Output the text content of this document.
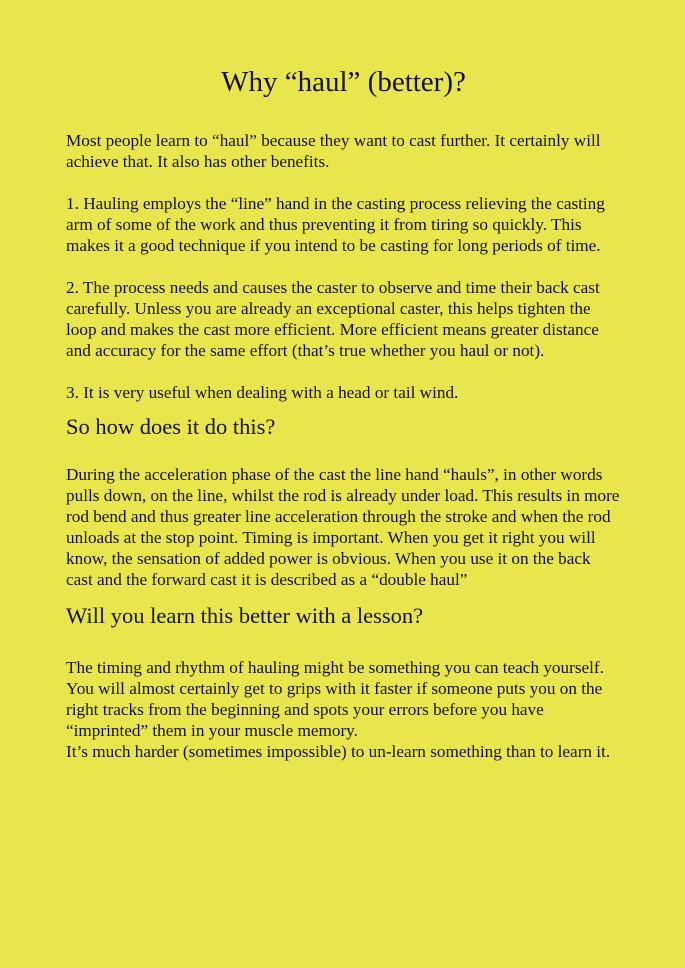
Why “haul” (better)?

Most people learn to “haul” because they want to cast further. It certainly will achieve that. It also has other benefits.

1. Hauling employs the “line” hand in the casting process relieving the casting arm of some of the work and thus preventing it from tiring so quickly. This makes it a good technique if you intend to be casting for long periods of time.

2. The process needs and causes the caster to observe and time their back cast carefully. Unless you are already an exceptional caster, this helps tighten the loop and makes the cast more efficient. More efficient means greater distance and accuracy for the same effort (that’s true whether you haul or not).

3. It is very useful when dealing with a head or tail wind.

So how does it do this?

During the acceleration phase of the cast the line hand “hauls”, in other words pulls down, on the line, whilst the rod is already under load. This results in more rod bend and thus greater line acceleration through the stroke and when the rod unloads at the stop point. Timing is important. When you get it right you will know, the sensation of added power is obvious. When you use it on the back cast and the forward cast it is described as a “double haul”

Will you learn this better with a lesson?

The timing and rhythm of hauling might be something you can teach yourself. You will almost certainly get to grips with it faster if someone puts you on the right tracks from the beginning and spots your errors before you have “imprinted” them in your muscle memory.
It’s much harder (sometimes impossible) to un-learn something than to learn it.
